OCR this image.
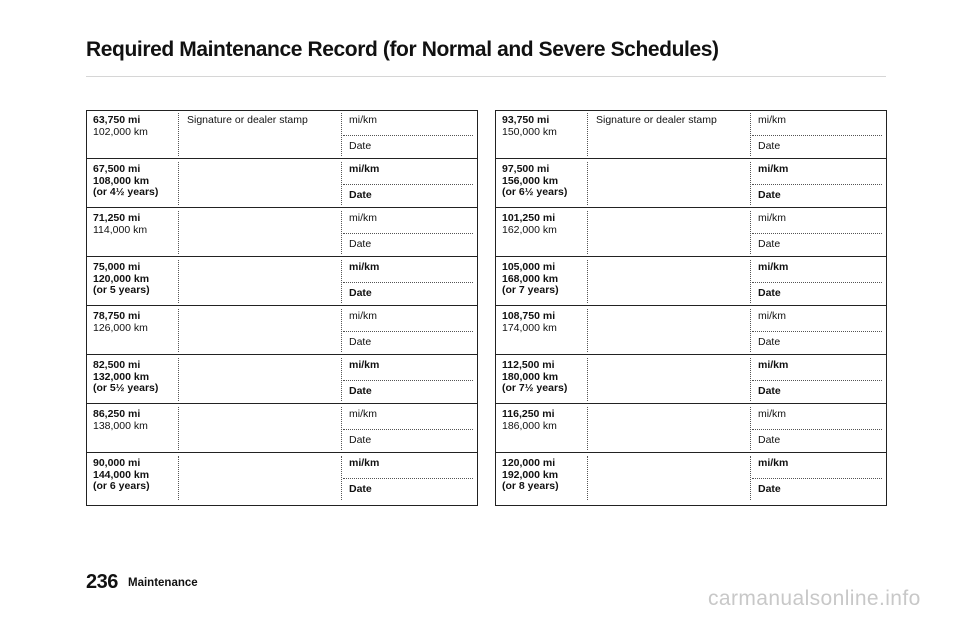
Required Maintenance Record (for Normal and Severe Schedules)
63,750 mi
102,000 km
Signature or dealer stamp	mi/km
Date
67,500 mi
108,000 km
(or 4½ years)
mi/km
Date
71,250 mi
114,000 km
mi/km
Date
75,000 mi
120,000 km
(or 5 years)
mi/km
Date
78,750 mi
126,000 km
mi/km
Date
82,500 mi
132,000 km
(or 5½ years)
mi/km
Date
86,250 mi
138,000 km
mi/km
Date
90,000 mi
144,000 km
(or 6 years)
mi/km
Date
93,750 mi
150,000 km
Signature or dealer stamp	mi/km
Date
97,500 mi
156,000 km
(or 6½ years)
mi/km
Date
101,250 mi
162,000 km
mi/km
Date
105,000 mi
168,000 km
(or 7 years)
mi/km
Date
108,750 mi
174,000 km
mi/km
Date
112,500 mi
180,000 km
(or 7½ years)
mi/km
Date
116,250 mi
186,000 km
mi/km
Date
120,000 mi
192,000 km
(or 8 years)
mi/km
Date
236 Maintenance
carmanualsonline.info
